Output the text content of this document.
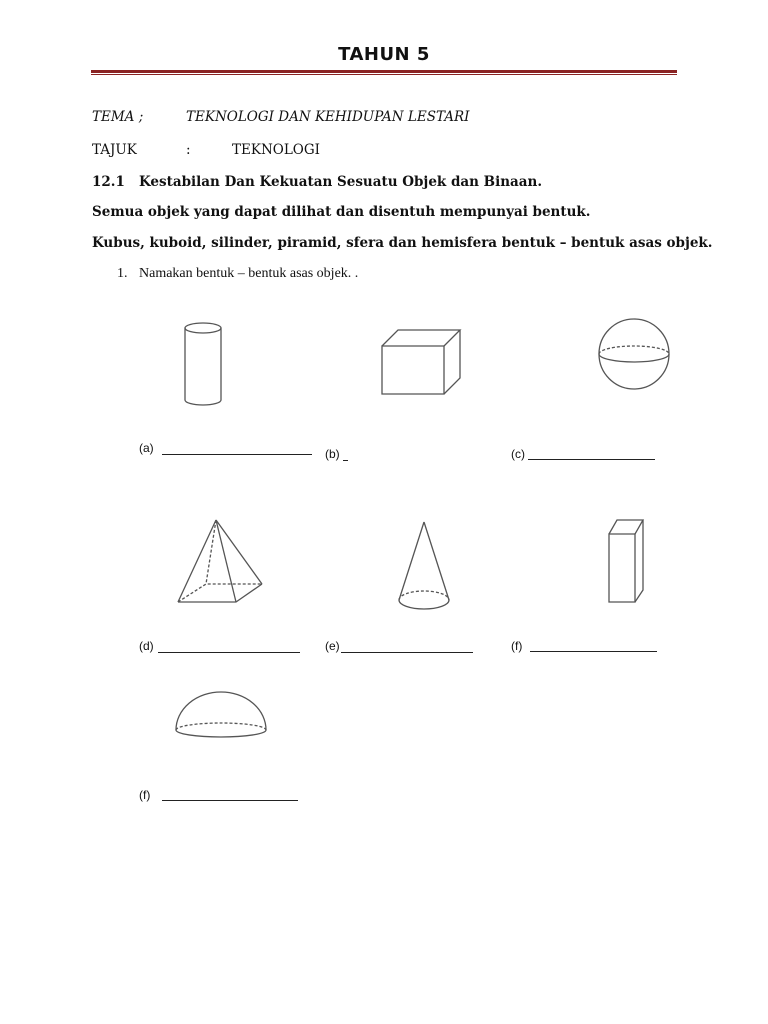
TAHUN 5
TEMA ;	TEKNOLOGI DAN KEHIDUPAN LESTARI
TAJUK	:	TEKNOLOGI
12.1 Kestabilan Dan Kekuatan Sesuatu Objek dan Binaan.
Semua objek yang dapat dilihat dan disentuh mempunyai bentuk.
Kubus, kuboid, silinder, piramid, sfera dan hemisfera bentuk – bentuk asas objek.
1. Namakan bentuk – bentuk asas objek. .
(a)	(b)	(c)
(d)	(e)	(f)
(f)
